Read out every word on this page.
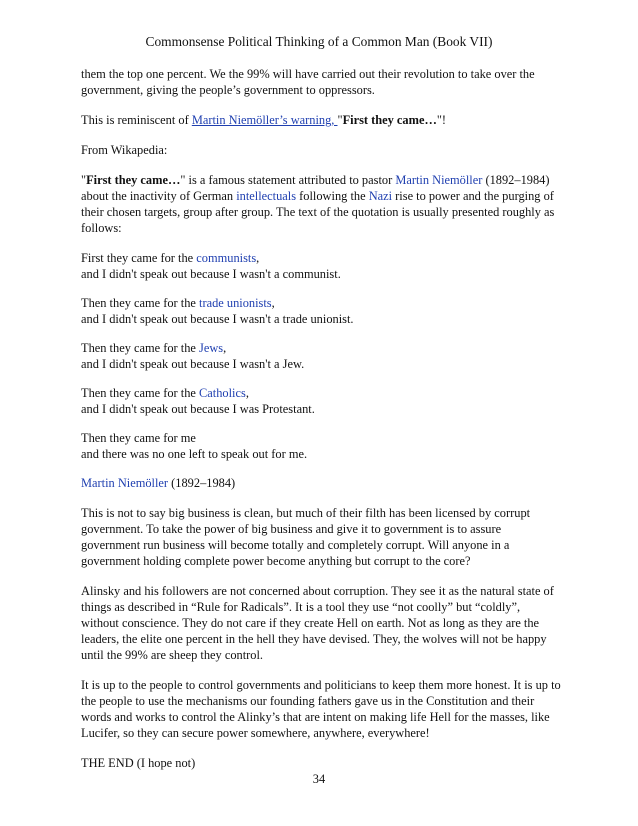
Commonsense Political Thinking of a Common Man (Book VII)

them the top one percent. We the 99% will have carried out their revolution to take over the government, giving the people’s government to oppressors.

This is reminiscent of Martin Niemöller’s warning, "First they came…"!

From Wikapedia:

"First they came…" is a famous statement attributed to pastor Martin Niemöller (1892–1984) about the inactivity of German intellectuals following the Nazi rise to power and the purging of their chosen targets, group after group. The text of the quotation is usually presented roughly as follows:

First they came for the communists,
and I didn't speak out because I wasn't a communist.

Then they came for the trade unionists,
and I didn't speak out because I wasn't a trade unionist.

Then they came for the Jews,
and I didn't speak out because I wasn't a Jew.

Then they came for the Catholics,
and I didn't speak out because I was Protestant.

Then they came for me
and there was no one left to speak out for me.

Martin Niemöller (1892–1984)

This is not to say big business is clean, but much of their filth has been licensed by corrupt government. To take the power of big business and give it to government is to assure government run business will become totally and completely corrupt. Will anyone in a government holding complete power become anything but corrupt to the core?

Alinsky and his followers are not concerned about corruption. They see it as the natural state of things as described in “Rule for Radicals”. It is a tool they use “not coolly” but “coldly”, without conscience. They do not care if they create Hell on earth. Not as long as they are the leaders, the elite one percent in the hell they have devised. They, the wolves will not be happy until the 99% are sheep they control.

It is up to the people to control governments and politicians to keep them more honest. It is up to the people to use the mechanisms our founding fathers gave us in the Constitution and their words and works to control the Alinky’s that are intent on making life Hell for the masses, like Lucifer, so they can secure power somewhere, anywhere, everywhere!

THE END (I hope not)

34
